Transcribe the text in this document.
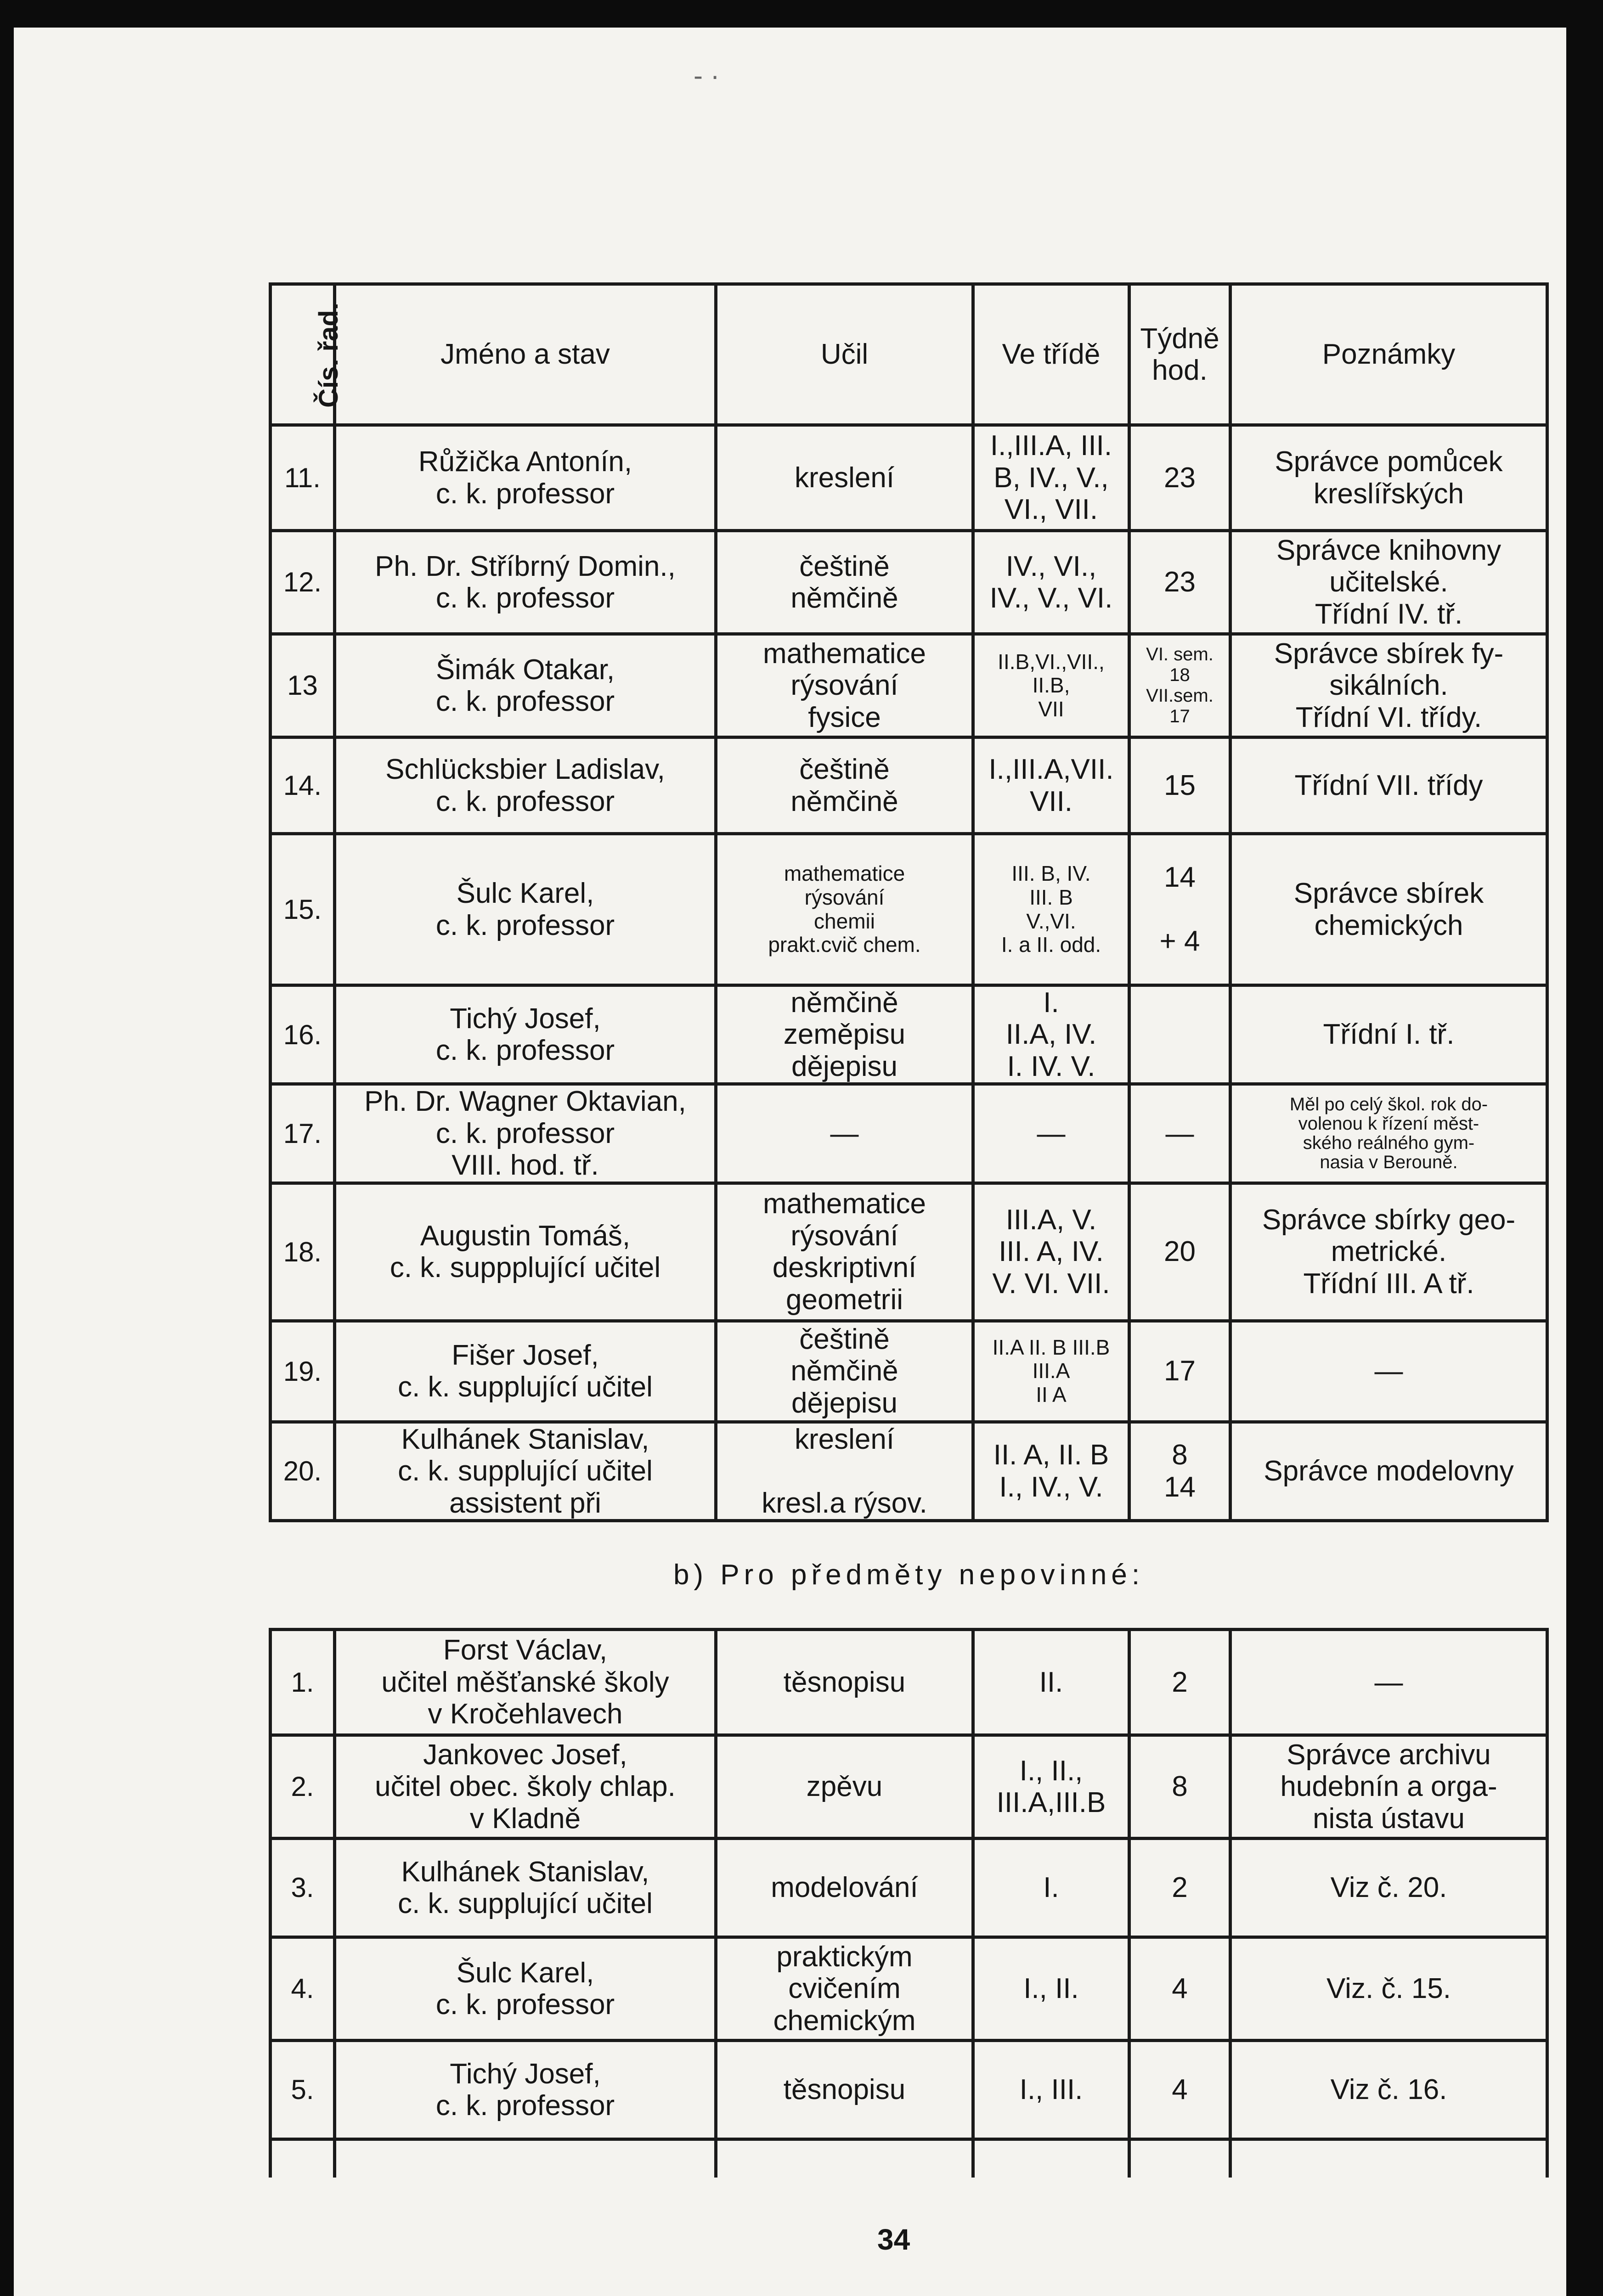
- ·
Čís. řad.	Jméno a stav	Učil	Ve třídě	Týdně
hod.	Poznámky
11.	Růžička Antonín,
c. k. professor	kreslení	I.,III.A, III.
B, IV., V.,
VI., VII.	23	Správce pomůcek
kreslířských

12.	Ph. Dr. Stříbrný Domin.,
c. k. professor	češtině
němčině	IV., VI.,
IV., V., VI.	23	Správce knihovny
učitelské.
Třídní IV. tř.

13	Šimák Otakar,
c. k. professor	mathematice
rýsování
fysice	II.B,VI.,VII.,
II.B,
VII	VI. sem.
18
VII.sem.
17	Správce sbírek fy-
sikálních.
Třídní VI. třídy.

14.	Schlücksbier Ladislav,
c. k. professor	češtině
němčině	I.,III.A,VII.
VII.	15	Třídní VII. třídy

15.	Šulc Karel,
c. k. professor	mathematice
rýsování
chemii
prakt.cvič chem.	III. B, IV.
III. B
V.,VI.
I. a II. odd.	14

+ 4	Správce sbírek
chemických

16.	Tichý Josef,
c. k. professor	němčině
zeměpisu
dějepisu	I.
II.A, IV.
I. IV. V.		Třídní I. tř.

17.	Ph. Dr. Wagner Oktavian,
c. k. professor
VIII. hod. tř.	—	—	—	Měl po celý škol. rok do-
volenou k řízení měst-
ského reálného gym-
nasia v Berouně.

18.	Augustin Tomáš,
c. k. suppplující učitel	mathematice
rýsování
deskriptivní
geometrii	III.A, V.
III. A, IV.
V. VI. VII.	20	Správce sbírky geo-
metrické.
Třídní III. A tř.

19.	Fišer Josef,
c. k. supplující učitel	češtině
němčině
dějepisu	II.A II. B III.B
III.A
II A	17	—

20.	Kulhánek Stanislav,
c. k. supplující učitel
assistent při	kreslení

kresl.a rýsov.	II. A, II. B
I., IV., V.	8
14	Správce modelovny

b) Pro předměty nepovinné:					
1.	Forst Václav,
učitel měšťanské školy
v Kročehlavech	těsnopisu	II.	2	—

2.	Jankovec Josef,
učitel obec. školy chlap.
v Kladně	zpěvu	I., II.,
III.A,III.B	8	Správce archivu
hudebnín a orga-
nista ústavu

3.	Kulhánek Stanislav,
c. k. supplující učitel	modelování	I.	2	Viz č. 20.

4.	Šulc Karel,
c. k. professor	praktickým
cvičením
chemickým	I., II.	4	Viz. č. 15.

5.	Tichý Josef,
c. k. professor	těsnopisu	I., III.	4	Viz č. 16.

34
